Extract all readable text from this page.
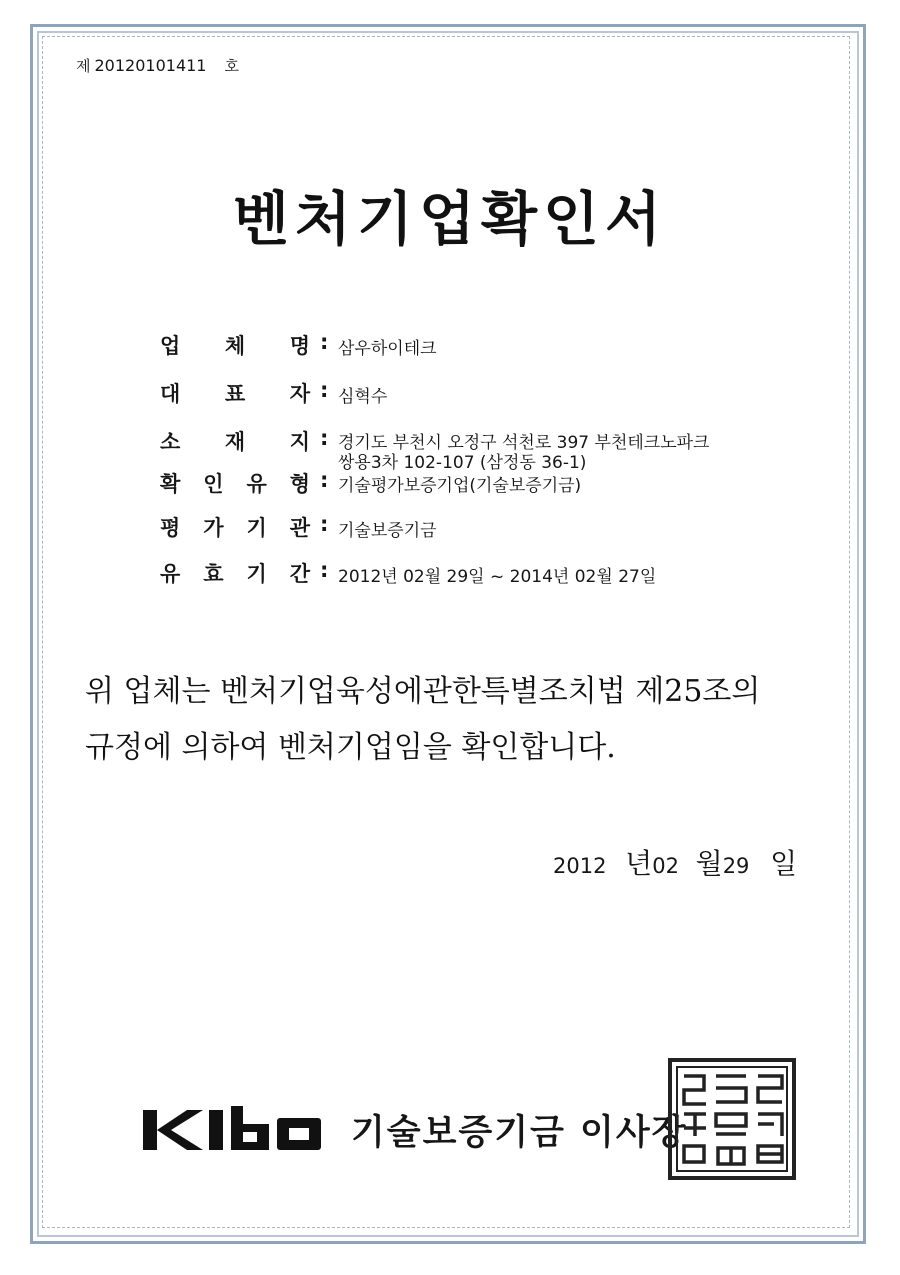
제 20120101411 호
벤처기업확인서
업 체 명 : 삼우하이테크
대 표 자 : 심혁수
소 재 지 : 경기도 부천시 오정구 석천로 397 부천테크노파크
쌍용3차 102-107 (삼정동 36-1)
확 인 유 형 : 기술평가보증기업(기술보증기금)
평 가 기 관 : 기술보증기금
유 효 기 간 : 2012년 02월 29일 ~ 2014년 02월 27일
위 업체는 벤처기업육성에관한특별조치법 제25조의
규정에 의하여 벤처기업임을 확인합니다.
2012 년02 월29 일
기술보증기금 이사장
